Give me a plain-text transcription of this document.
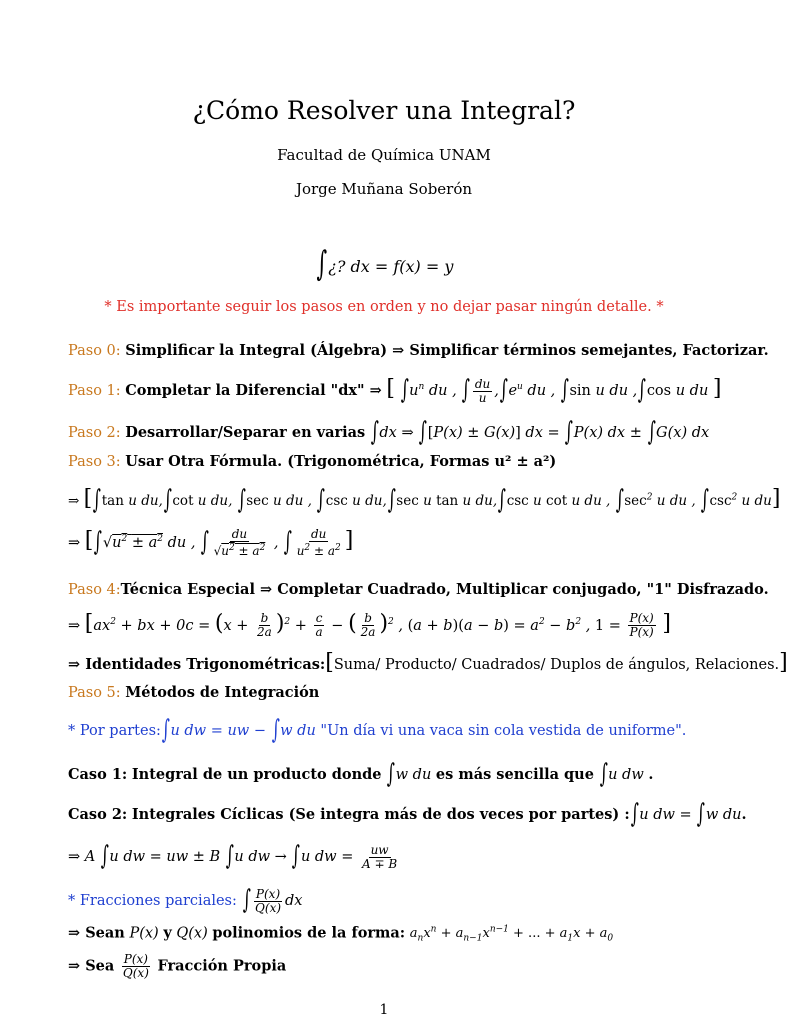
¿Cómo Resolver una Integral?
Facultad de Química UNAM
Jorge Muñana Soberón
∫¿? dx = f(x) = y
* Es importante seguir los pasos en orden y no dejar pasar ningún detalle. *
Paso 0: Simplificar la Integral (Álgebra) ⇒ Simplificar términos semejantes, Factorizar.
Paso 1: Completar la Diferencial "dx" ⇒ [ $\int u^n$ du , ∫ $\frac{du}{u} ,\int e^u$ du , ∫sin u du ,∫cos u du ]
Paso 2: Desarrollar/Separar en varias ∫dx ⇒ ∫[P(x) ± G(x)] dx = ∫P(x) dx ± ∫G(x) dx
Paso 3: Usar Otra Fórmula. (Trigonométrica, Formas u² ± a²)
⇒ [∫tan u du,∫cot u du, ∫sec u du , ∫csc u du,∫sec u tan u du,∫csc u cot u du , $\int\sec^2$ u du , $\int\csc^2$ u du]
⇒ [$\int√u^2 \pm a^2$ du , ∫ $\frac{du}{√u^2 \pm a^2}$ , ∫ $\frac{du}{u^2 \pm a^2}$ ]
Paso 4:Técnica Especial ⇒ Completar Cuadrado, Multiplicar conjugado, "1" Disfrazado.
⇒ [$ax^2$ + bx + $0c = (x + \frac{b}{2a} )^2 + \frac{c}{a}$ − ( $\frac{b}{2a} )^2$ , $(a + b)(a - b) = a^2 - b^2$ , $1 = \frac{P(x)}{P(x)}$ ]
⇒ Identidades Trigonométricas:[Suma/ Producto/ Cuadrados/ Duplos de ángulos, Relaciones.]
Paso 5: Métodos de Integración
* Por partes:∫u dw = uw − ∫w du "Un día vi una vaca sin cola vestida de uniforme".
Caso 1: Integral de un producto donde ∫w du es más sencilla que ∫u dw .
Caso 2: Integrales Cíclicas (Se integra más de dos veces por partes) :∫u dw = ∫w du.
⇒ A ∫u dw = uw ± B ∫u dw → ∫u dw = $\frac{uw}{A \mp B}$
* Fracciones parciales: ∫ $\frac{P(x)}{Q(x)}$ dx
⇒ Sean P(x) y Q(x) polinomios de la forma: $a_nx^n + a_{n-1}x^{n-1}$ + ... + $a_1x + a_0$
⇒ Sea $\frac{P(x)}{Q(x)}$ Fracción Propia
1
